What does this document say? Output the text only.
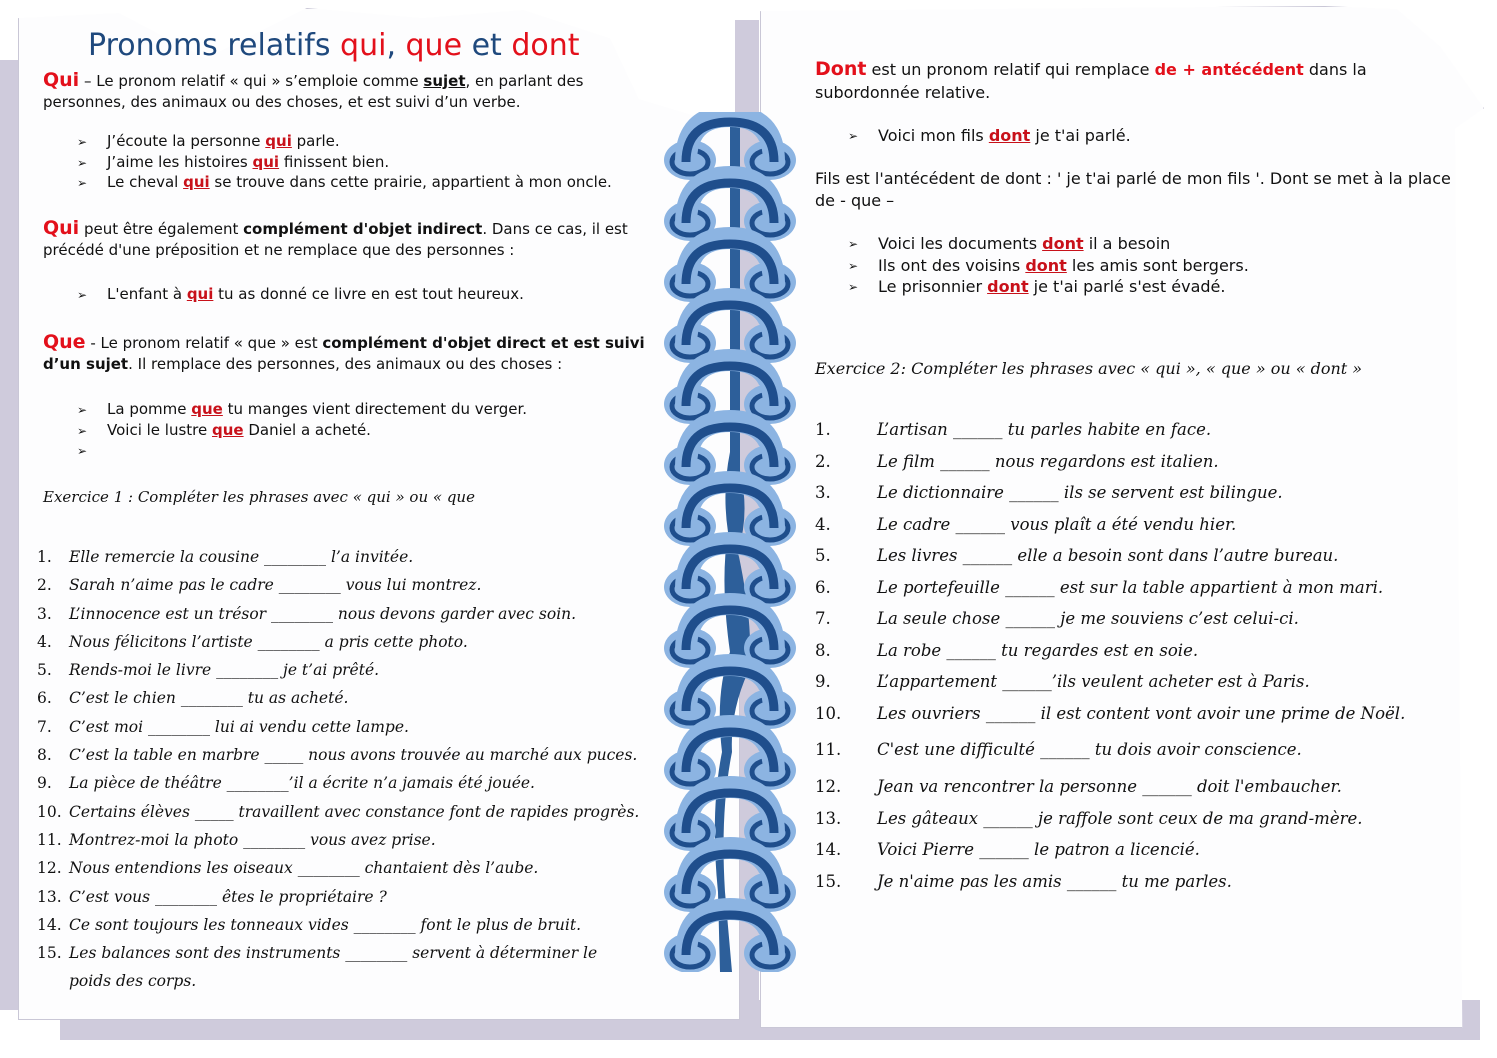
Pronoms relatifs qui, que et dont
Qui – Le pronom relatif « qui » s’emploie comme sujet, en parlant des personnes, des animaux ou des choses, et est suivi d’un verbe.
➢ J’écoute la personne qui parle.
➢ J’aime les histoires qui finissent bien.
➢ Le cheval qui se trouve dans cette prairie, appartient à mon oncle.
Qui peut être également complément d'objet indirect. Dans ce cas, il est précédé d'une préposition et ne remplace que des personnes :
➢ L'enfant à qui tu as donné ce livre en est tout heureux.
Que - Le pronom relatif « que » est complément d'objet direct et est suivi d’un sujet. Il remplace des personnes, des animaux ou des choses :
➢ La pomme que tu manges vient directement du verger.
➢ Voici le lustre que Daniel a acheté.
Exercice 1 : Compléter les phrases avec « qui » ou « que
1. Elle remercie la cousine ________ l’a invitée.
2. Sarah n’aime pas le cadre ________ vous lui montrez.
3. L’innocence est un trésor ________ nous devons garder avec soin.
4. Nous félicitons l’artiste ________ a pris cette photo.
5. Rends-moi le livre ________ je t’ai prêté.
6. C’est le chien ________ tu as acheté.
7. C’est moi ________ lui ai vendu cette lampe.
8. C’est la table en marbre _____ nous avons trouvée au marché aux puces.
9. La pièce de théâtre ________’il a écrite n’a jamais été jouée.
10. Certains élèves _____ travaillent avec constance font de rapides progrès.
11. Montrez-moi la photo ________ vous avez prise.
12. Nous entendions les oiseaux ________ chantaient dès l’aube.
13. C’est vous ________ êtes le propriétaire ?
14. Ce sont toujours les tonneaux vides ________ font le plus de bruit.
15. Les balances sont des instruments ________ servent à déterminer le
poids des corps.
Dont est un pronom relatif qui remplace de + antécédent dans la subordonnée relative.
➢ Voici mon fils dont je t'ai parlé.
Fils est l'antécédent de dont : ' je t'ai parlé de mon fils '. Dont se met à la place de - que –
➢ Voici les documents dont il a besoin
➢ Ils ont des voisins dont les amis sont bergers.
➢ Le prisonnier dont je t'ai parlé s'est évadé.
Exercice 2: Compléter les phrases avec « qui », « que » ou « dont »
1.	L’artisan ______ tu parles habite en face.
2.	Le film ______ nous regardons est italien.
3.	Le dictionnaire ______ ils se servent est bilingue.
4.	Le cadre ______ vous plaît a été vendu hier.
5.	Les livres ______ elle a besoin sont dans l’autre bureau.
6.	Le portefeuille ______ est sur la table appartient à mon mari.
7.	La seule chose ______ je me souviens c’est celui-ci.
8.	La robe ______ tu regardes est en soie.
9.	L’appartement ______’ils veulent acheter est à Paris.
10. Les ouvriers ______ il est content vont avoir une prime de Noël.
11. C'est une difficulté ______ tu dois avoir conscience.
12. Jean va rencontrer la personne ______ doit l'embaucher.
13. Les gâteaux ______ je raffole sont ceux de ma grand-mère.
14. Voici Pierre ______ le patron a licencié.
15. Je n'aime pas les amis ______ tu me parles.
